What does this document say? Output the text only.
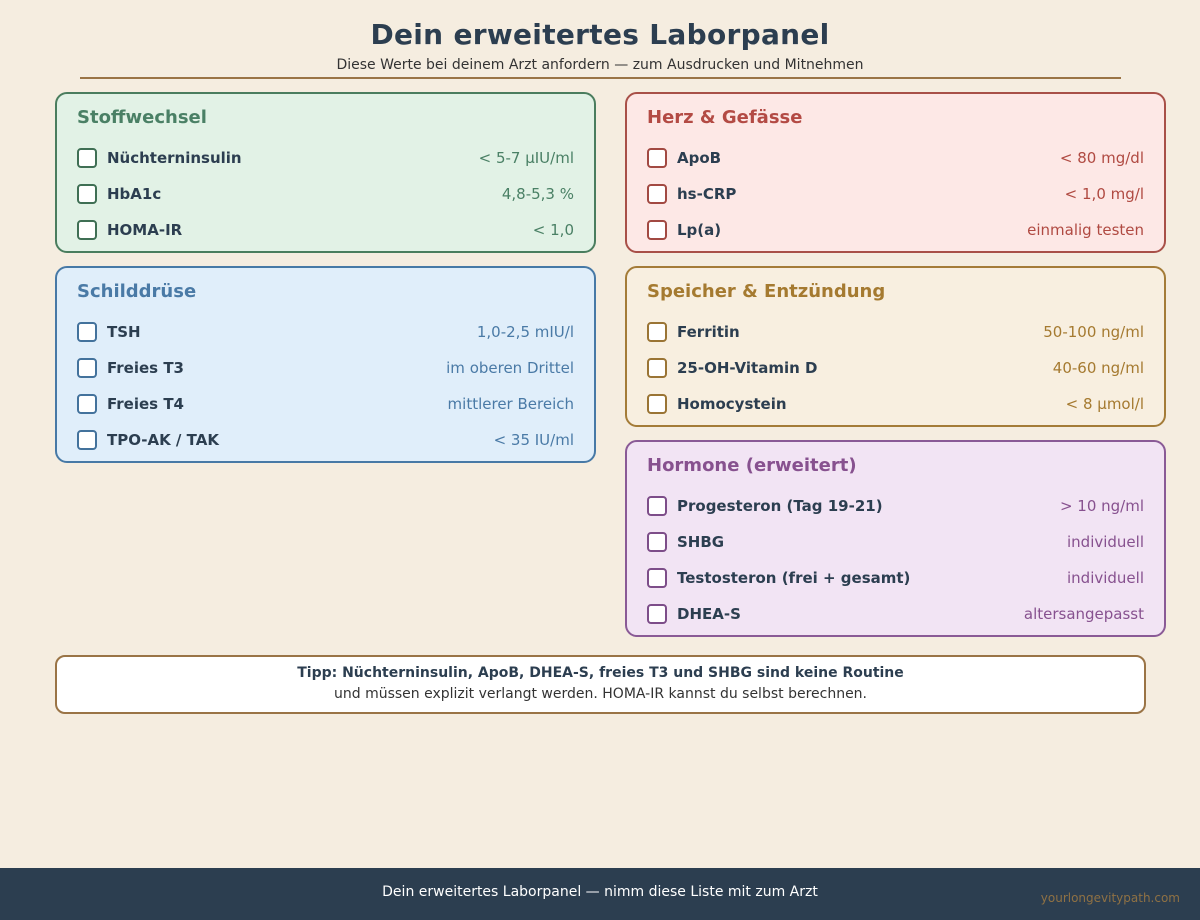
Dein erweitertes Laborpanel
Diese Werte bei deinem Arzt anfordern — zum Ausdrucken und Mitnehmen
Stoffwechsel
Nüchterninsulin	< 5-7 µIU/ml
HbA1c	4,8-5,3 %
HOMA-IR	< 1,0
Herz & Gefässe
ApoB	< 80 mg/dl
hs-CRP	< 1,0 mg/l
Lp(a)	einmalig testen
Schilddrüse
TSH	1,0-2,5 mIU/l
Freies T3	im oberen Drittel
Freies T4	mittlerer Bereich
TPO-AK / TAK	< 35 IU/ml
Speicher & Entzündung
Ferritin	50-100 ng/ml
25-OH-Vitamin D	40-60 ng/ml
Homocystein	< 8 µmol/l
Hormone (erweitert)
Progesteron (Tag 19-21)	> 10 ng/ml
SHBG	individuell
Testosteron (frei + gesamt)	individuell
DHEA-S	altersangepasst
Tipp: Nüchterninsulin, ApoB, DHEA-S, freies T3 und SHBG sind keine Routine
und müssen explizit verlangt werden. HOMA-IR kannst du selbst berechnen.
Dein erweitertes Laborpanel — nimm diese Liste mit zum Arzt	yourlongevitypath.com
